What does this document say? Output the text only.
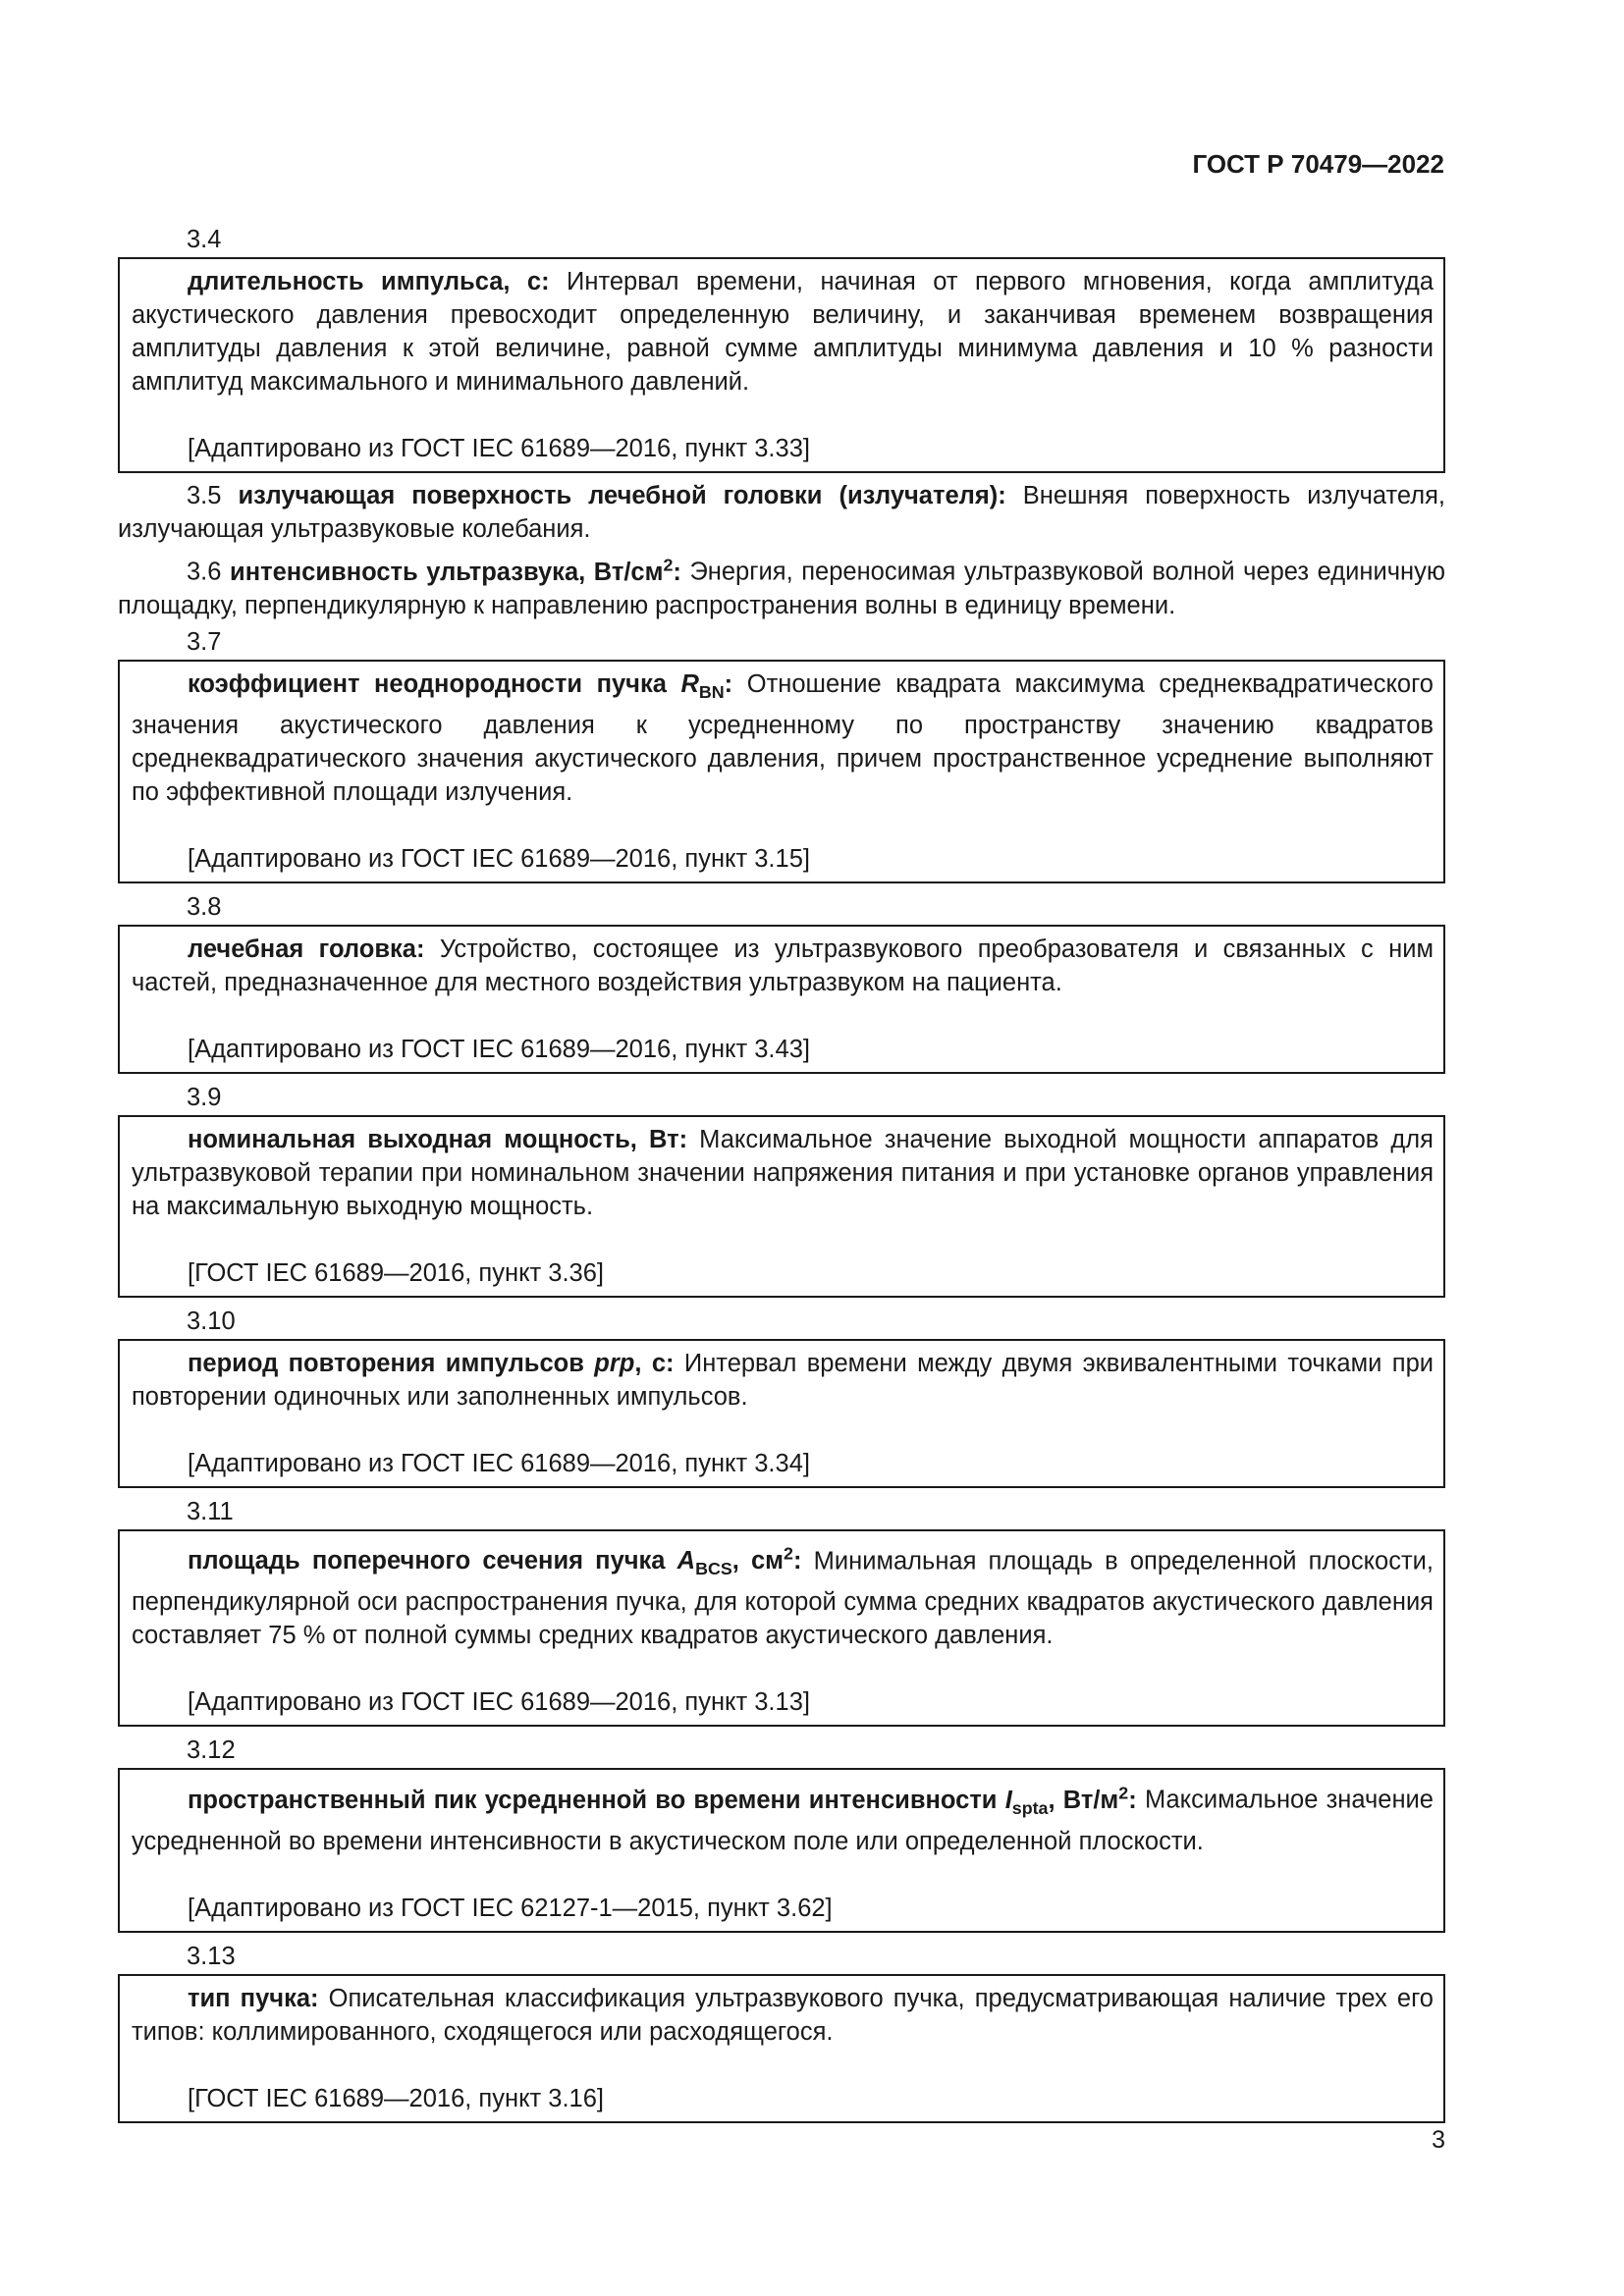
ГОСТ Р 70479—2022
3.4

длительность импульса, с: Интервал времени, начиная от первого мгновения, когда амплитуда акустического давления превосходит определенную величину, и заканчивая временем возвращения амплитуды давления к этой величине, равной сумме амплитуды минимума давления и 10 % разности амплитуд максимального и минимального давлений.

[Адаптировано из ГОСТ IEC 61689—2016, пункт 3.33]

3.5 излучающая поверхность лечебной головки (излучателя): Внешняя поверхность излучателя, излучающая ультразвуковые колебания.

3.6 интенсивность ультразвука, $Вт/см^2$: Энергия, переносимая ультразвуковой волной через единичную площадку, перпендикулярную к направлению распространения волны в единицу времени.

3.7

коэффициент неоднородности пучка $R_{BN}$: Отношение квадрата максимума среднеквадратического значения акустического давления к усредненному по пространству значению квадратов среднеквадратического значения акустического давления, причем пространственное усреднение выполняют по эффективной площади излучения.

[Адаптировано из ГОСТ IEC 61689—2016, пункт 3.15]

3.8

лечебная головка: Устройство, состоящее из ультразвукового преобразователя и связанных с ним частей, предназначенное для местного воздействия ультразвуком на пациента.

[Адаптировано из ГОСТ IEC 61689—2016, пункт 3.43]

3.9

номинальная выходная мощность, Вт: Максимальное значение выходной мощности аппаратов для ультразвуковой терапии при номинальном значении напряжения питания и при установке органов управления на максимальную выходную мощность.

[ГОСТ IEC 61689—2016, пункт 3.36]

3.10

период повторения импульсов prp, с: Интервал времени между двумя эквивалентными точками при повторении одиночных или заполненных импульсов.

[Адаптировано из ГОСТ IEC 61689—2016, пункт 3.34]

3.11

площадь поперечного сечения пучка $A_{BCS}$, $см^2$: Минимальная площадь в определенной плоскости, перпендикулярной оси распространения пучка, для которой сумма средних квадратов акустического давления составляет 75 % от полной суммы средних квадратов акустического давления.

[Адаптировано из ГОСТ IEC 61689—2016, пункт 3.13]

3.12

пространственный пик усредненной во времени интенсивности $I_{spta}$, $Вт/м^2$: Максимальное значение усредненной во времени интенсивности в акустическом поле или определенной плоскости.

[Адаптировано из ГОСТ IEC 62127-1—2015, пункт 3.62]

3.13

тип пучка: Описательная классификация ультразвукового пучка, предусматривающая наличие трех его типов: коллимированного, сходящегося или расходящегося.

[ГОСТ IEC 61689—2016, пункт 3.16]

3
